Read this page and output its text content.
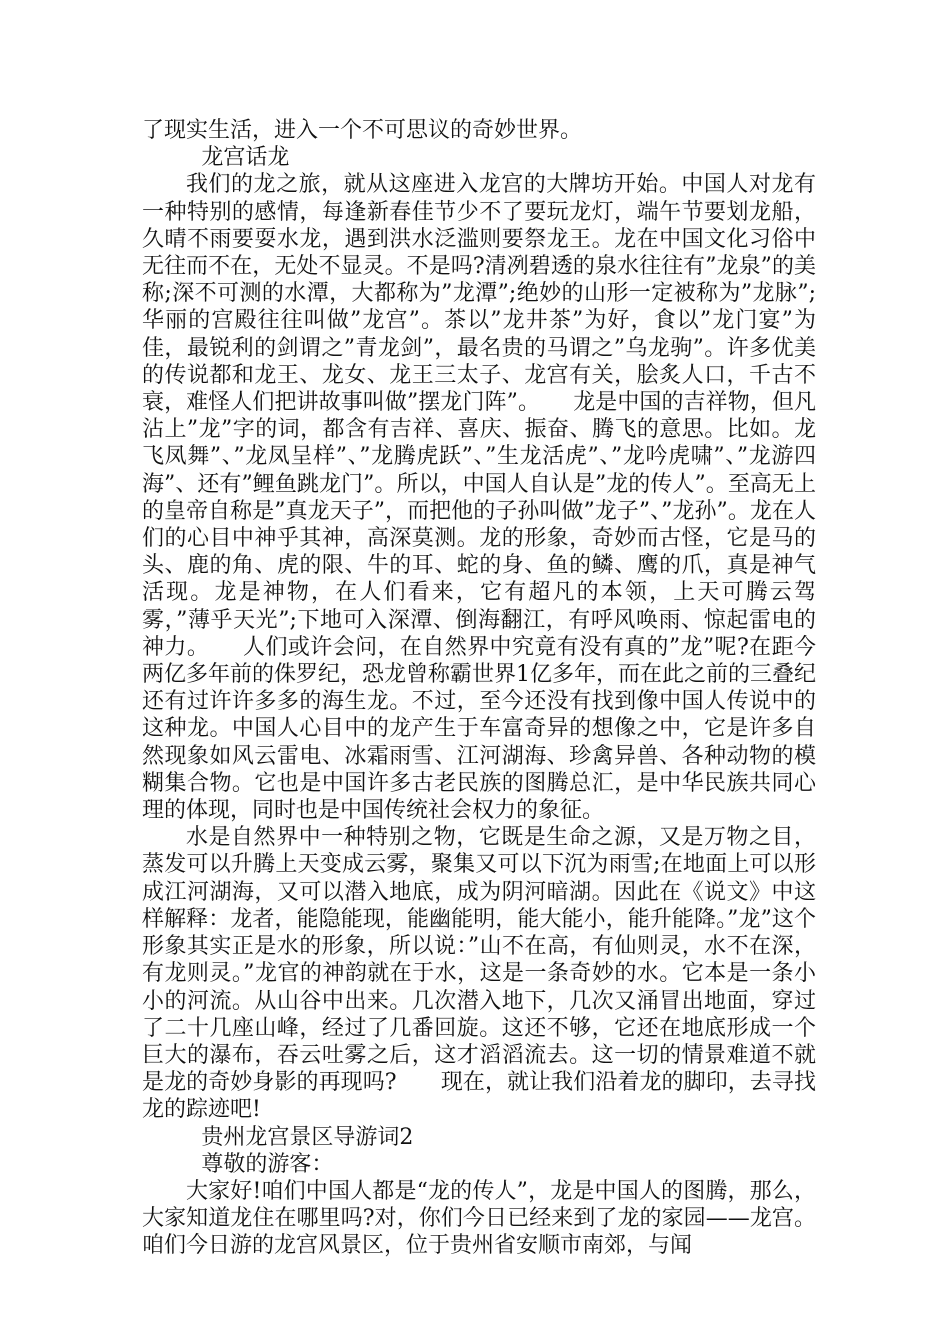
了现实生活，进入一个不可思议的奇妙世界。

龙宫话龙

我们的龙之旅，就从这座进入龙宫的大牌坊开始。中国人对龙有一种特别的感情，每逢新春佳节少不了要玩龙灯，端午节要划龙船，久晴不雨要耍水龙，遇到洪水泛滥则要祭龙王。龙在中国文化习俗中无往而不在，无处不显灵。不是吗?清冽碧透的泉水往往有”龙泉”的美称;深不可测的水潭，大都称为”龙潭”;绝妙的山形一定被称为”龙脉”;华丽的宫殿往往叫做”龙宫”。茶以”龙井茶”为好，食以”龙门宴”为佳，最锐利的剑谓之”青龙剑”，最名贵的马谓之”乌龙驹”。许多优美的传说都和龙王、龙女、龙王三太子、龙宫有关，脍炙人口，千古不衰，难怪人们把讲故事叫做”摆龙门阵”。　　龙是中国的吉祥物，但凡沾上”龙”字的词，都含有吉祥、喜庆、振奋、腾飞的意思。比如。龙飞凤舞”、”龙凤呈样”、”龙腾虎跃”、”生龙活虎”、”龙吟虎啸”、”龙游四海”、还有”鲤鱼跳龙门”。所以，中国人自认是”龙的传人”。至高无上的皇帝自称是”真龙天子”，而把他的子孙叫做”龙子”、”龙孙”。龙在人们的心目中神乎其神，高深莫测。龙的形象，奇妙而古怪，它是马的头、鹿的角、虎的限、牛的耳、蛇的身、鱼的鳞、鹰的爪，真是神气活现。龙是神物，在人们看来，它有超凡的本领，上天可腾云驾雾，”薄乎天光”;下地可入深潭、倒海翻江，有呼风唤雨、惊起雷电的神力。　　人们或许会问，在自然界中究竟有没有真的”龙”呢?在距今两亿多年前的侏罗纪，恐龙曾称霸世界1亿多年，而在此之前的三叠纪还有过许许多多的海生龙。不过，至今还没有找到像中国人传说中的这种龙。中国人心目中的龙产生于车富奇异的想像之中，它是许多自然现象如风云雷电、冰霜雨雪、江河湖海、珍禽异兽、各种动物的模糊集合物。它也是中国许多古老民族的图腾总汇，是中华民族共同心理的体现，同时也是中国传统社会权力的象征。

水是自然界中一种特别之物，它既是生命之源，又是万物之目，蒸发可以升腾上天变成云雾，聚集又可以下沉为雨雪;在地面上可以形成江河湖海，又可以潜入地底，成为阴河暗湖。因此在《说文》中这样解释：龙者，能隐能现，能幽能明，能大能小，能升能降。”龙”这个形象其实正是水的形象，所以说：”山不在高，有仙则灵，水不在深，有龙则灵。”龙官的神韵就在于水，这是一条奇妙的水。它本是一条小小的河流。从山谷中出来。几次潜入地下，几次又涌冒出地面，穿过了二十几座山峰，经过了几番回旋。这还不够，它还在地底形成一个巨大的瀑布，吞云吐雾之后，这才滔滔流去。这一切的情景难道不就是龙的奇妙身影的再现吗?　　现在，就让我们沿着龙的脚印，去寻找龙的踪迹吧!

贵州龙宫景区导游词2

尊敬的游客：

大家好!咱们中国人都是“龙的传人”，龙是中国人的图腾，那么，大家知道龙住在哪里吗?对，你们今日已经来到了龙的家园——龙宫。咱们今日游的龙宫风景区，位于贵州省安顺市南郊，与闻
